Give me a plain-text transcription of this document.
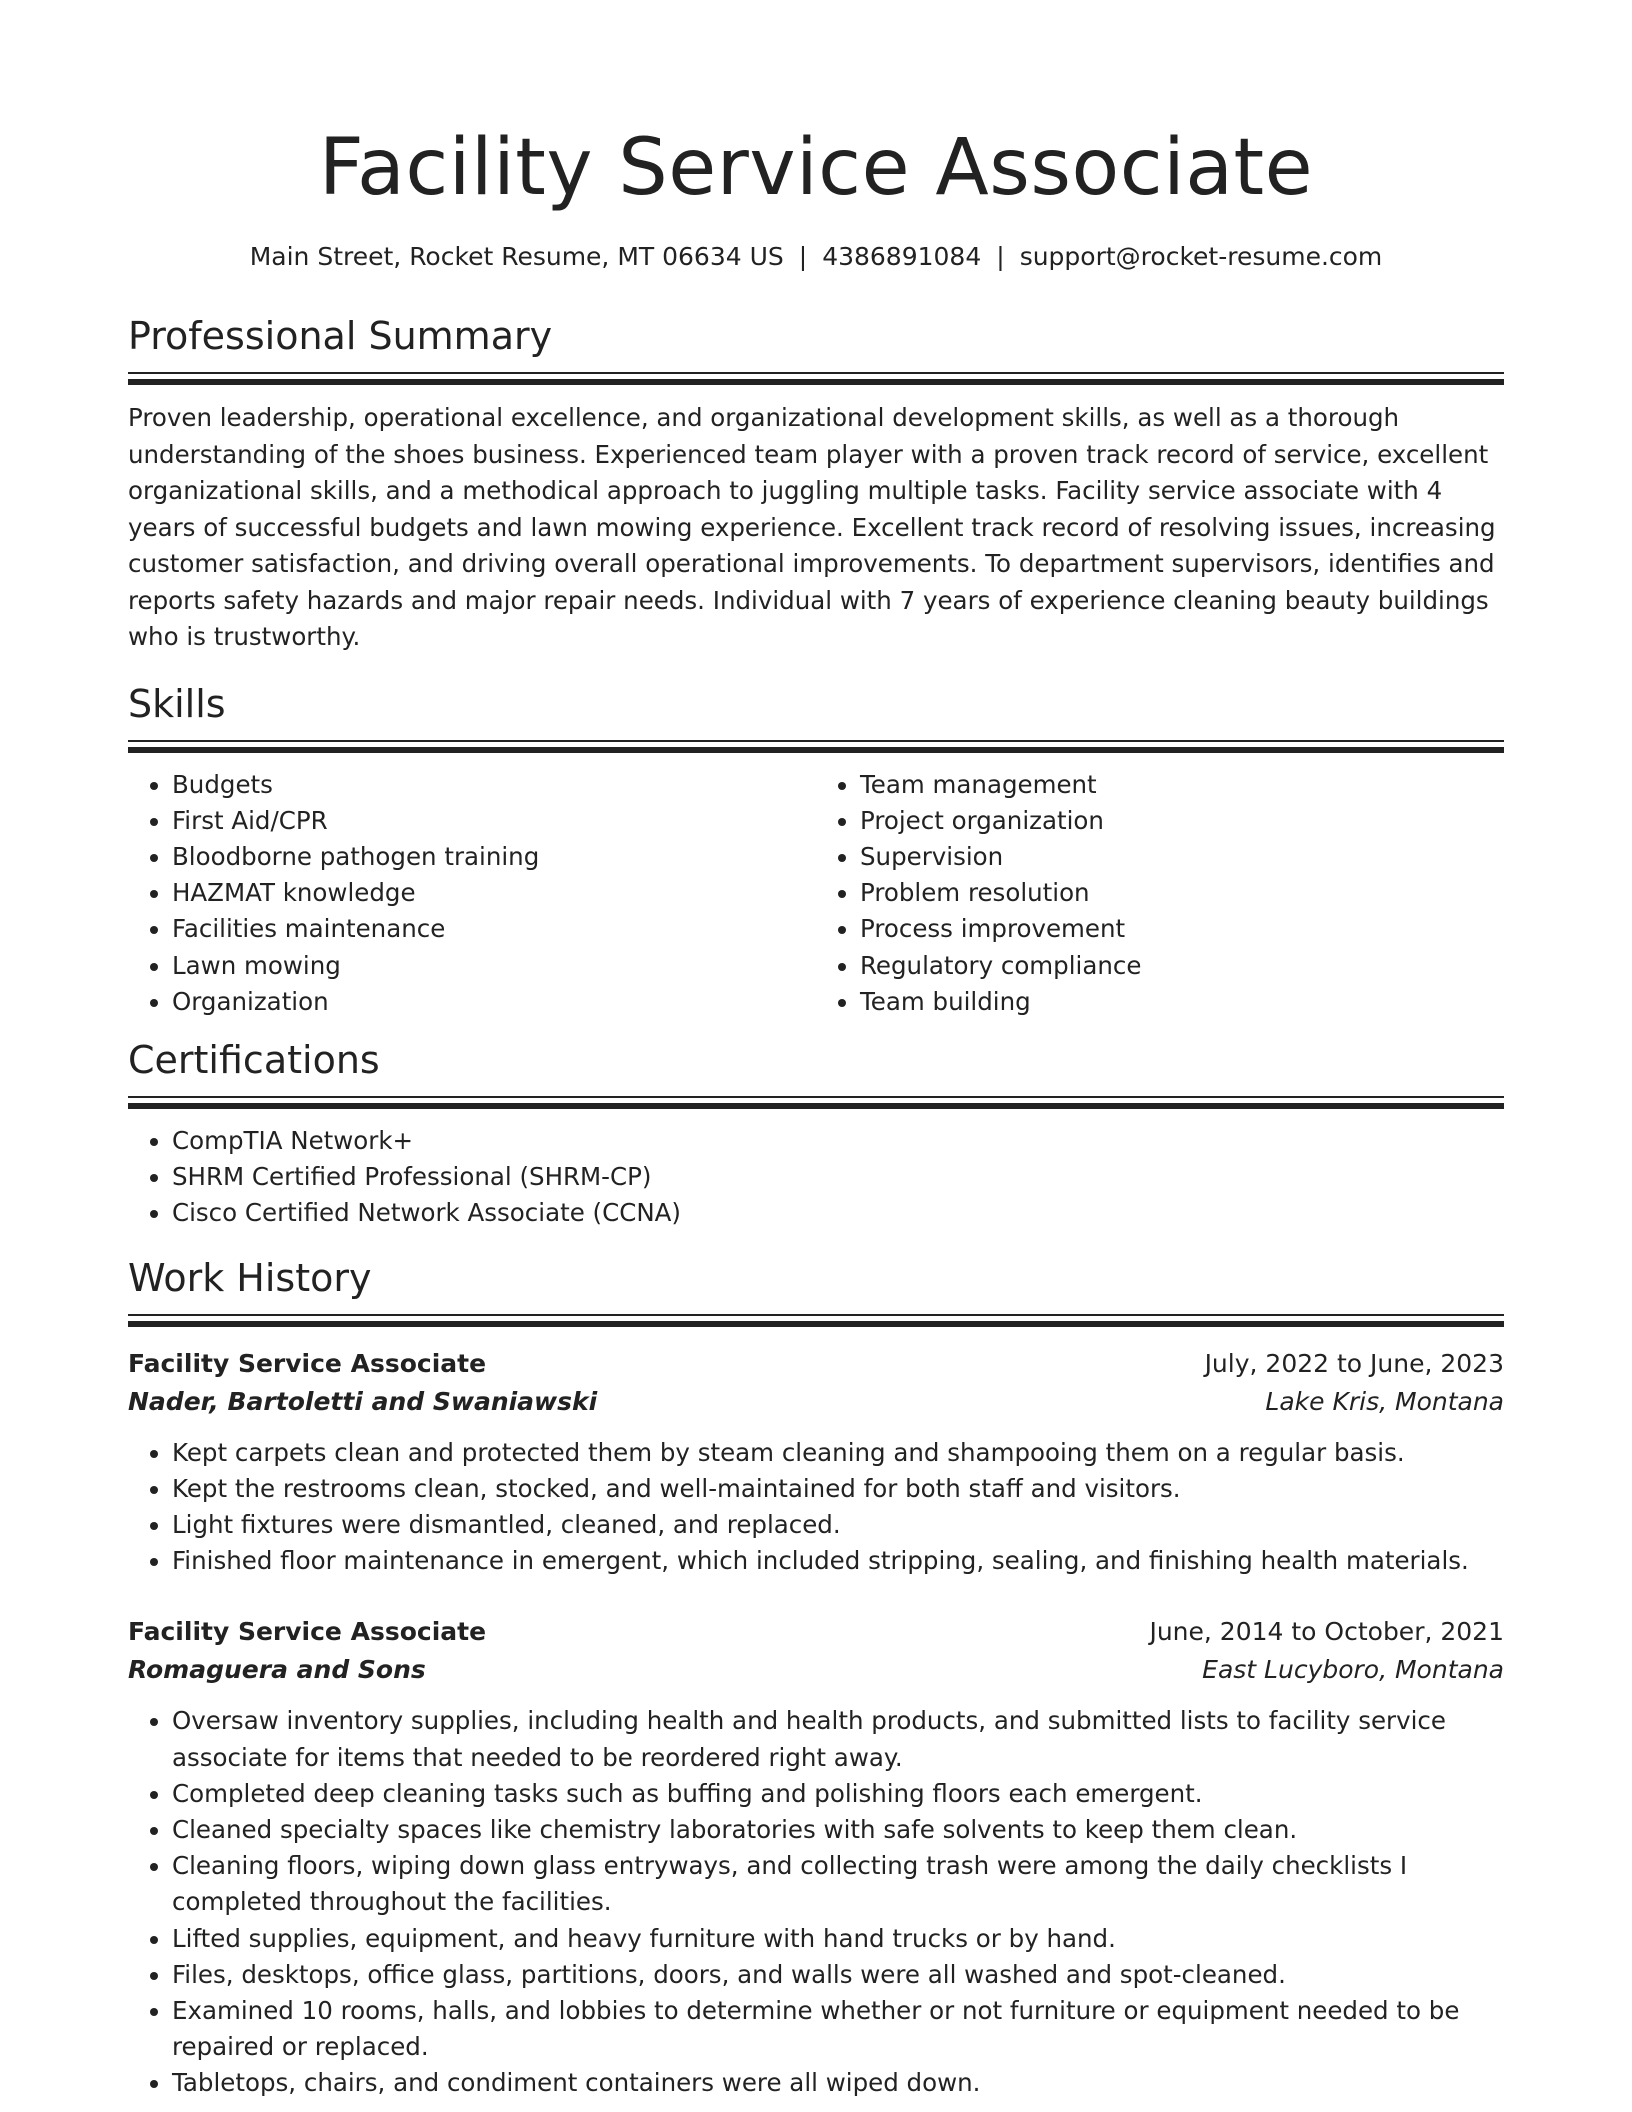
Facility Service Associate
Main Street, Rocket Resume, MT 06634 US | 4386891084 | support@rocket-resume.com
Professional Summary

Proven leadership, operational excellence, and organizational development skills, as well as a thorough understanding of the shoes business. Experienced team player with a proven track record of service, excellent organizational skills, and a methodical approach to juggling multiple tasks. Facility service associate with 4 years of successful budgets and lawn mowing experience. Excellent track record of resolving issues, increasing customer satisfaction, and driving overall operational improvements. To department supervisors, identifies and reports safety hazards and major repair needs. Individual with 7 years of experience cleaning beauty buildings who is trustworthy.

Skills
• Budgets
• First Aid/CPR
• Bloodborne pathogen training
• HAZMAT knowledge
• Facilities maintenance
• Lawn mowing
• Organization
• Team management
• Project organization
• Supervision
• Problem resolution
• Process improvement
• Regulatory compliance
• Team building
Certifications
• CompTIA Network+
• SHRM Certified Professional (SHRM-CP)
• Cisco Certified Network Associate (CCNA)
Work History
Facility Service Associate	July, 2022 to June, 2023
Nader, Bartoletti and Swaniawski	Lake Kris, Montana
• Kept carpets clean and protected them by steam cleaning and shampooing them on a regular basis.
• Kept the restrooms clean, stocked, and well-maintained for both staff and visitors.
• Light fixtures were dismantled, cleaned, and replaced.
• Finished floor maintenance in emergent, which included stripping, sealing, and finishing health materials.
Facility Service Associate	June, 2014 to October, 2021
Romaguera and Sons	East Lucyboro, Montana
• Oversaw inventory supplies, including health and health products, and submitted lists to facility service associate for items that needed to be reordered right away.
• Completed deep cleaning tasks such as buffing and polishing floors each emergent.
• Cleaned specialty spaces like chemistry laboratories with safe solvents to keep them clean.
• Cleaning floors, wiping down glass entryways, and collecting trash were among the daily checklists I completed throughout the facilities.
• Lifted supplies, equipment, and heavy furniture with hand trucks or by hand.
• Files, desktops, office glass, partitions, doors, and walls were all washed and spot-cleaned.
• Examined 10 rooms, halls, and lobbies to determine whether or not furniture or equipment needed to be repaired or replaced.
• Tabletops, chairs, and condiment containers were all wiped down.
